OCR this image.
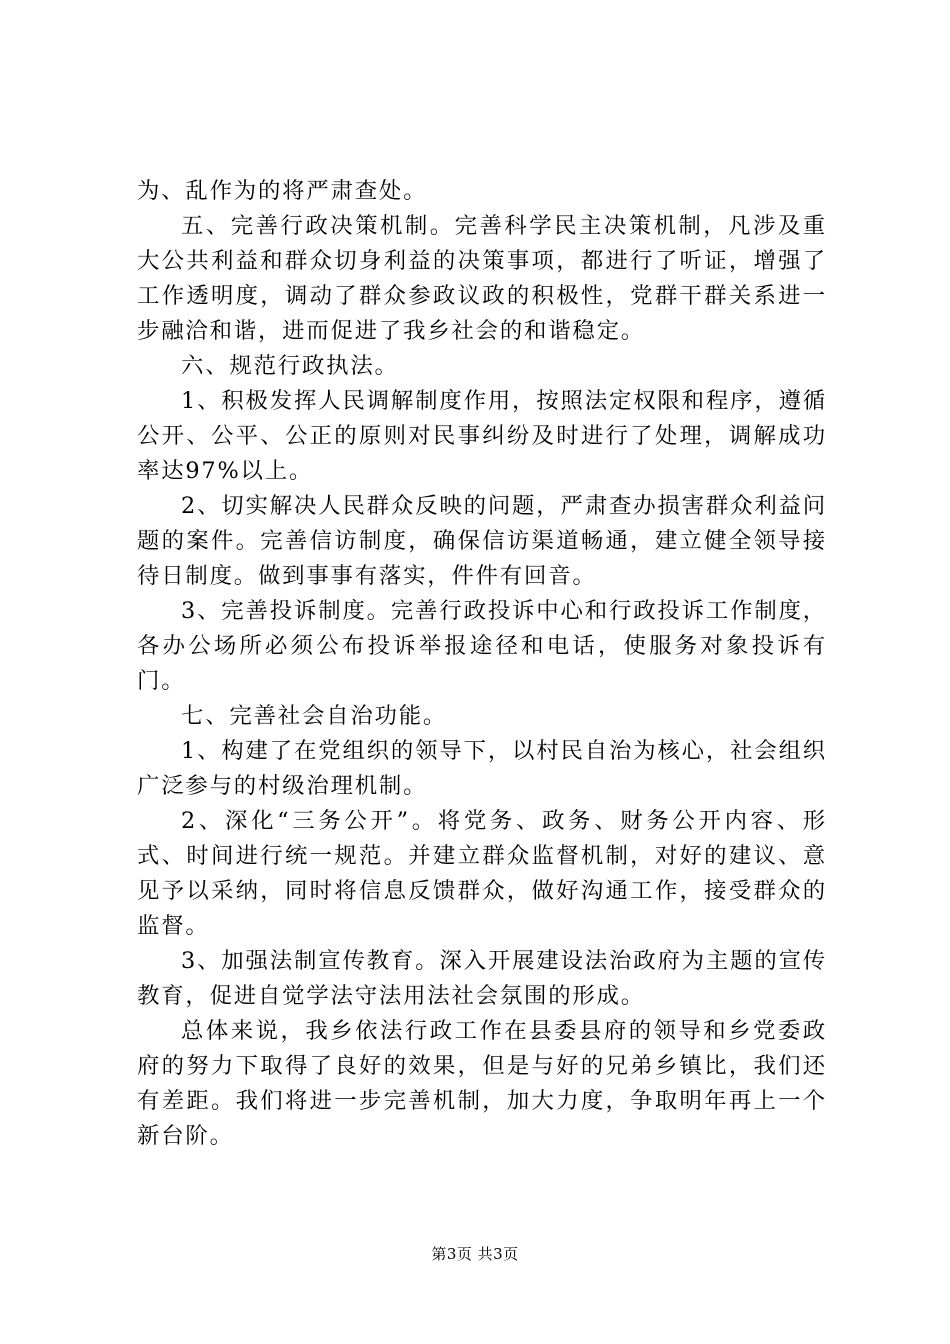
为、乱作为的将严肃查处。

五、完善行政决策机制。完善科学民主决策机制，凡涉及重大公共利益和群众切身利益的决策事项，都进行了听证，增强了工作透明度，调动了群众参政议政的积极性，党群干群关系进一步融洽和谐，进而促进了我乡社会的和谐稳定。

六、规范行政执法。

1、积极发挥人民调解制度作用，按照法定权限和程序，遵循公开、公平、公正的原则对民事纠纷及时进行了处理，调解成功率达97%以上。

2、切实解决人民群众反映的问题，严肃查办损害群众利益问题的案件。完善信访制度，确保信访渠道畅通，建立健全领导接待日制度。做到事事有落实，件件有回音。

3、完善投诉制度。完善行政投诉中心和行政投诉工作制度，各办公场所必须公布投诉举报途径和电话，使服务对象投诉有门。

七、完善社会自治功能。

1、构建了在党组织的领导下，以村民自治为核心，社会组织广泛参与的村级治理机制。

2、深化“三务公开”。将党务、政务、财务公开内容、形式、时间进行统一规范。并建立群众监督机制，对好的建议、意见予以采纳，同时将信息反馈群众，做好沟通工作，接受群众的监督。

3、加强法制宣传教育。深入开展建设法治政府为主题的宣传教育，促进自觉学法守法用法社会氛围的形成。

总体来说，我乡依法行政工作在县委县府的领导和乡党委政府的努力下取得了良好的效果，但是与好的兄弟乡镇比，我们还有差距。我们将进一步完善机制，加大力度，争取明年再上一个新台阶。

第3页 共3页
